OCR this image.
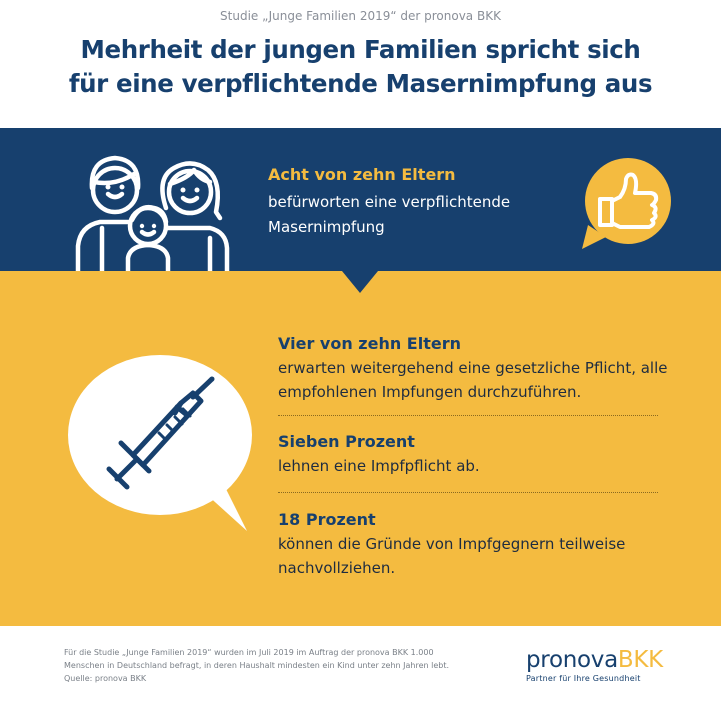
Studie „Junge Familien 2019“ der pronova BKK
Mehrheit der jungen Familien spricht sich
für eine verpflichtende Masernimpfung aus
Acht von zehn Eltern
befürworten eine verpflichtende Masernimpfung
Vier von zehn Eltern
erwarten weitergehend eine gesetzliche Pflicht, alle empfohlenen Impfungen durchzuführen.
Sieben Prozent
lehnen eine Impfpflicht ab.
18 Prozent
können die Gründe von Impfgegnern teilweise nachvollziehen.
Für die Studie „Junge Familien 2019“ wurden im Juli 2019 im Auftrag der pronova BKK 1.000
Menschen in Deutschland befragt, in deren Haushalt mindesten ein Kind unter zehn Jahren lebt.
Quelle: pronova BKK
pronovaBKK
Partner für Ihre Gesundheit
